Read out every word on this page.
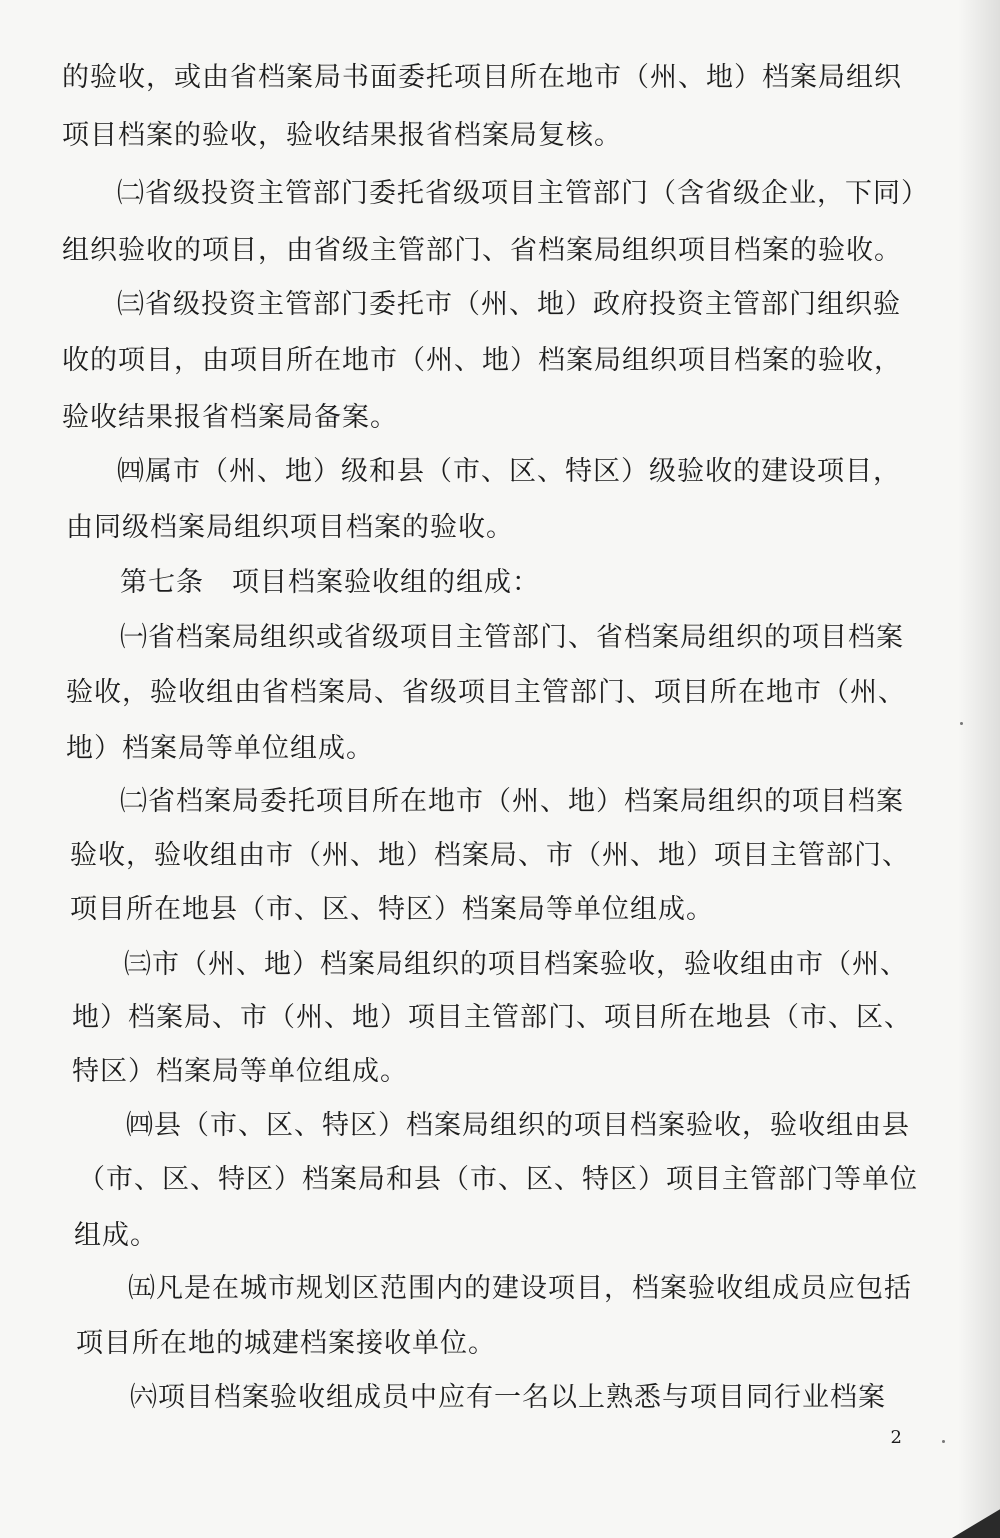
的验收，或由省档案局书面委托项目所在地市（州、地）档案局组织
项目档案的验收，验收结果报省档案局复核。
㈡省级投资主管部门委托省级项目主管部门（含省级企业，下同）
组织验收的项目，由省级主管部门、省档案局组织项目档案的验收。
㈢省级投资主管部门委托市（州、地）政府投资主管部门组织验
收的项目，由项目所在地市（州、地）档案局组织项目档案的验收，
验收结果报省档案局备案。
㈣属市（州、地）级和县（市、区、特区）级验收的建设项目，
由同级档案局组织项目档案的验收。
第七条　项目档案验收组的组成：
㈠省档案局组织或省级项目主管部门、省档案局组织的项目档案
验收，验收组由省档案局、省级项目主管部门、项目所在地市（州、
地）档案局等单位组成。
㈡省档案局委托项目所在地市（州、地）档案局组织的项目档案
验收，验收组由市（州、地）档案局、市（州、地）项目主管部门、
项目所在地县（市、区、特区）档案局等单位组成。
㈢市（州、地）档案局组织的项目档案验收，验收组由市（州、
地）档案局、市（州、地）项目主管部门、项目所在地县（市、区、
特区）档案局等单位组成。
㈣县（市、区、特区）档案局组织的项目档案验收，验收组由县
（市、区、特区）档案局和县（市、区、特区）项目主管部门等单位
组成。
㈤凡是在城市规划区范围内的建设项目，档案验收组成员应包括
项目所在地的城建档案接收单位。
㈥项目档案验收组成员中应有一名以上熟悉与项目同行业档案
2
